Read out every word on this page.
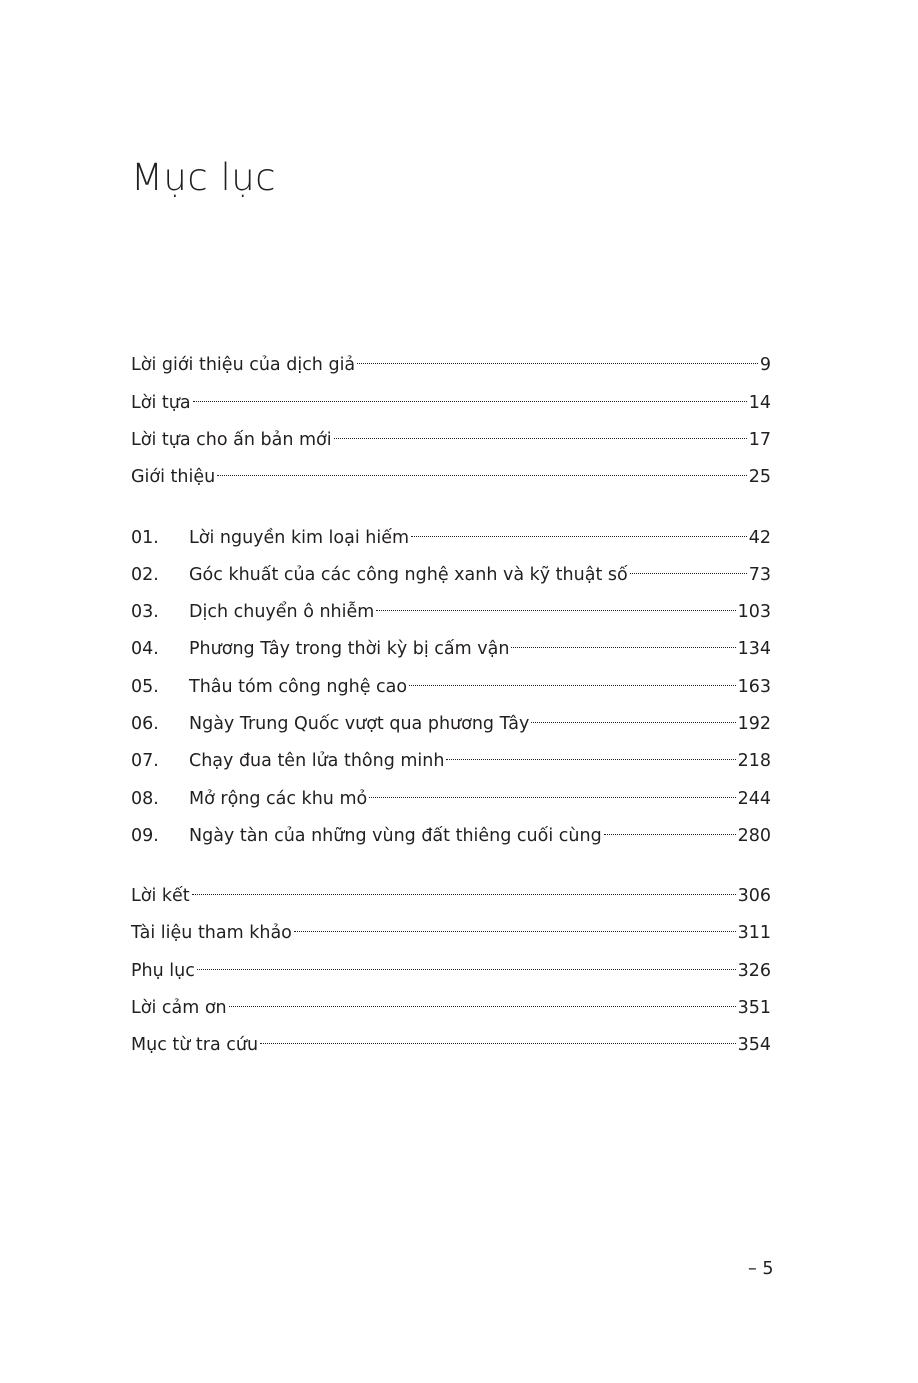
Mục lục
Lời giới thiệu của dịch giả	9
Lời tựa	14
Lời tựa cho ấn bản mới	17
Giới thiệu	25
01.	Lời nguyền kim loại hiếm	42
02.	Góc khuất của các công nghệ xanh và kỹ thuật số	73
03.	Dịch chuyển ô nhiễm	103
04.	Phương Tây trong thời kỳ bị cấm vận	134
05.	Thâu tóm công nghệ cao	163
06.	Ngày Trung Quốc vượt qua phương Tây	192
07.	Chạy đua tên lửa thông minh	218
08.	Mở rộng các khu mỏ	244
09.	Ngày tàn của những vùng đất thiêng cuối cùng	280
Lời kết	306
Tài liệu tham khảo	311
Phụ lục	326
Lời cảm ơn	351
Mục từ tra cứu	354
– 5
